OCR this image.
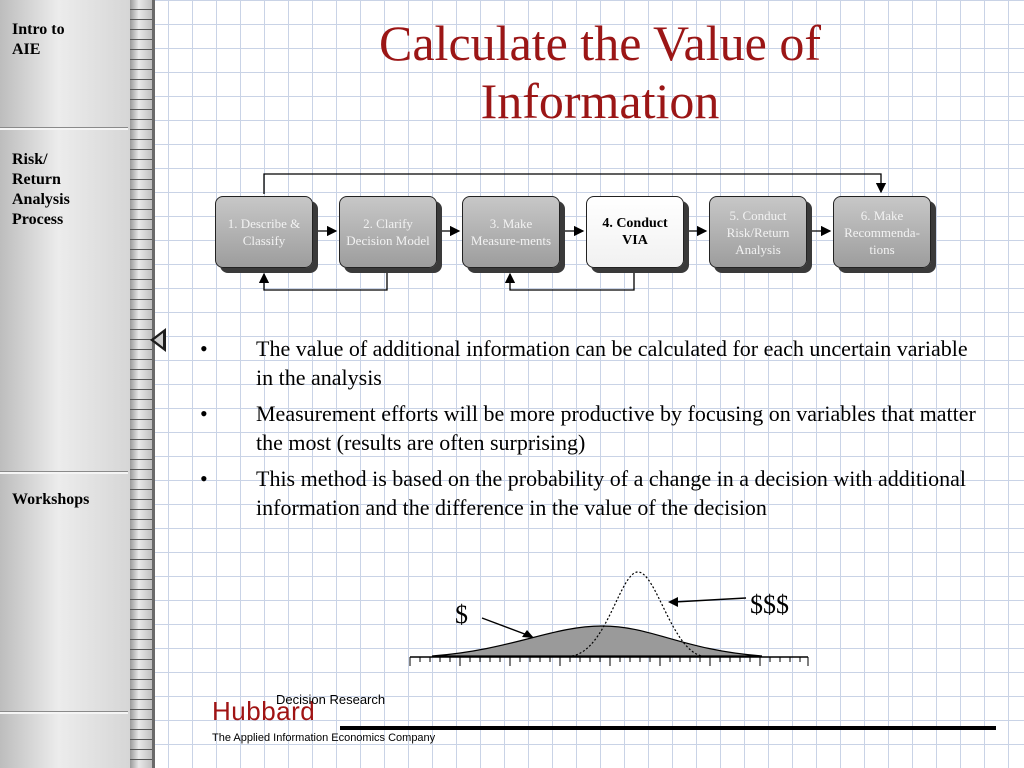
Intro to
AIE
Risk/
Return
Analysis
Process
Workshops
Calculate the Value of Information
1. Describe & Classify
2. Clarify Decision Model
3. Make Measure-ments
4. Conduct VIA
5. Conduct Risk/Return Analysis
6. Make Recommenda-tions
• The value of additional information can be calculated for each uncertain variable in the analysis
• Measurement efforts will be more productive by focusing on variables that matter the most (results are often surprising)
• This method is based on the probability of a change in a decision with additional information and the difference in the value of the decision
$	$$$
Hubbard
Decision Research
The Applied Information Economics Company
